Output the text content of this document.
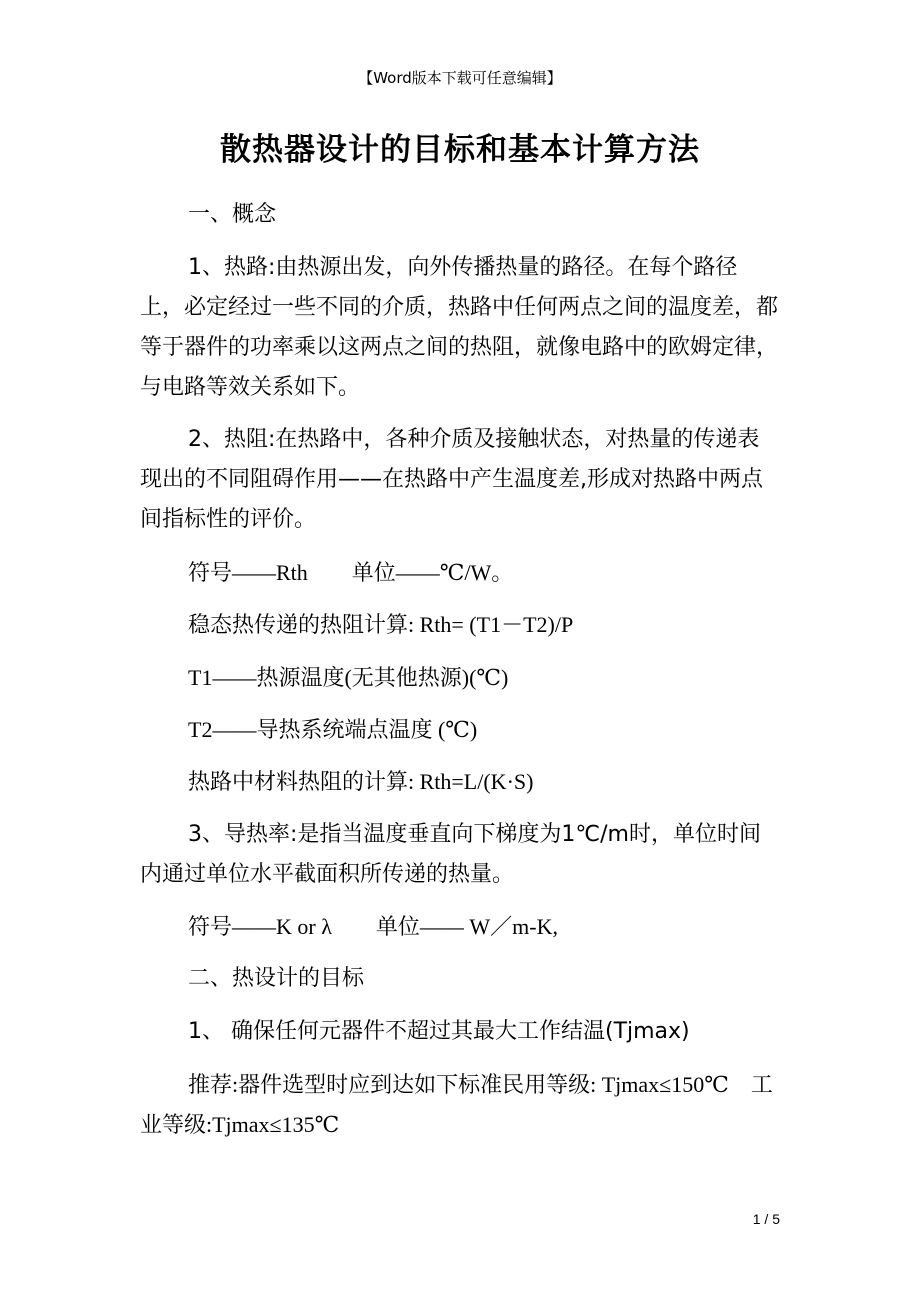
【Word版本下载可任意编辑】
散热器设计的目标和基本计算方法

一、概念

1、热路:由热源出发，向外传播热量的路径。在每个路径上，必定经过一些不同的介质，热路中任何两点之间的温度差，都等于器件的功率乘以这两点之间的热阻，就像电路中的欧姆定律，与电路等效关系如下。

2、热阻:在热路中，各种介质及接触状态，对热量的传递表现出的不同阻碍作用——在热路中产生温度差,形成对热路中两点间指标性的评价。

符号——Rth　　单位——℃/W。

稳态热传递的热阻计算: Rth= (T1－T2)/P

T1——热源温度(无其他热源)(℃)

T2——导热系统端点温度 (℃)

热路中材料热阻的计算: Rth=L/(K·S)

3、导热率:是指当温度垂直向下梯度为1℃/m时，单位时间内通过单位水平截面积所传递的热量。

符号——K or λ　　单位—— W／m-K,

二、热设计的目标

1、 确保任何元器件不超过其最大工作结温(Tjmax)

推荐:器件选型时应到达如下标准民用等级: Tjmax≤150℃　工业等级:Tjmax≤135℃

1 / 5
